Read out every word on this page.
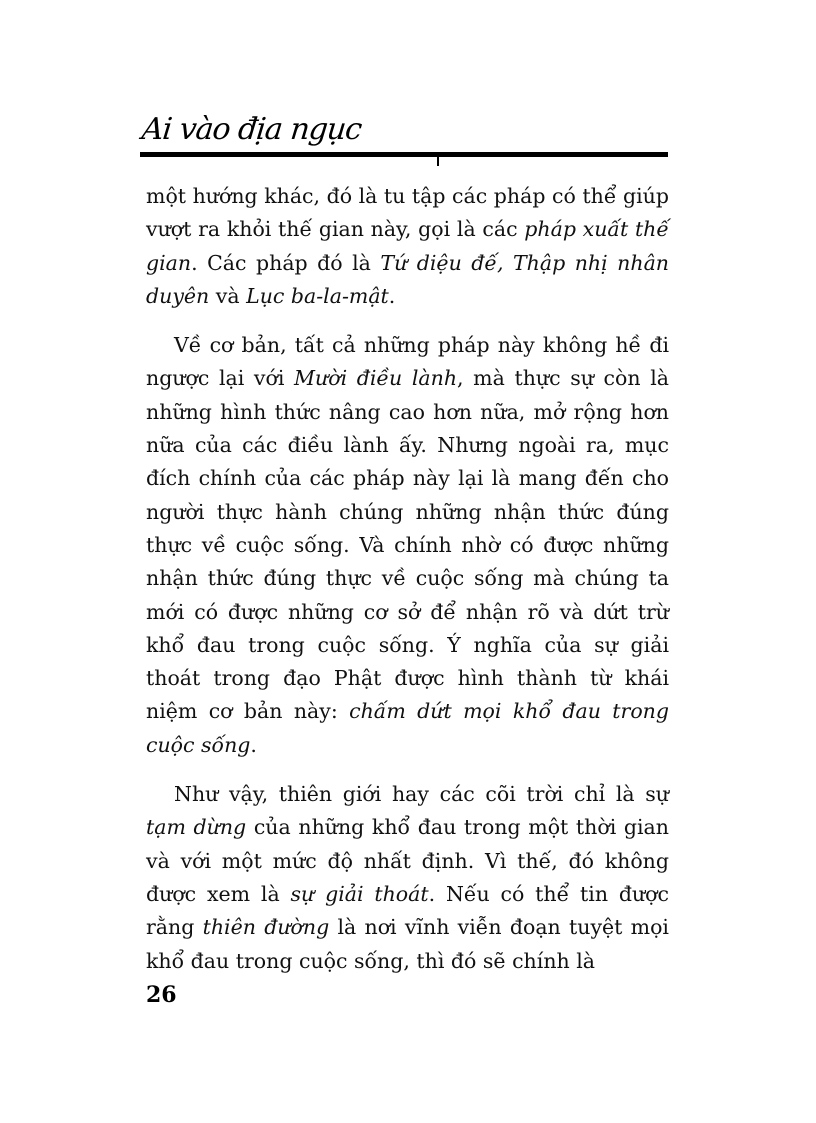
Ai vào địa ngục

một hướng khác, đó là tu tập các pháp có thể giúp vượt ra khỏi thế gian này, gọi là các pháp xuất thế gian. Các pháp đó là Tứ diệu đế, Thập nhị nhân duyên và Lục ba-la-mật.

Về cơ bản, tất cả những pháp này không hề đi ngược lại với Mười điều lành, mà thực sự còn là những hình thức nâng cao hơn nữa, mở rộng hơn nữa của các điều lành ấy. Nhưng ngoài ra, mục đích chính của các pháp này lại là mang đến cho người thực hành chúng những nhận thức đúng thực về cuộc sống. Và chính nhờ có được những nhận thức đúng thực về cuộc sống mà chúng ta mới có được những cơ sở để nhận rõ và dứt trừ khổ đau trong cuộc sống. Ý nghĩa của sự giải thoát trong đạo Phật được hình thành từ khái niệm cơ bản này: chấm dứt mọi khổ đau trong cuộc sống.

Như vậy, thiên giới hay các cõi trời chỉ là sự tạm dừng của những khổ đau trong một thời gian và với một mức độ nhất định. Vì thế, đó không được xem là sự giải thoát. Nếu có thể tin được rằng thiên đường là nơi vĩnh viễn đoạn tuyệt mọi khổ đau trong cuộc sống, thì đó sẽ chính là

26
